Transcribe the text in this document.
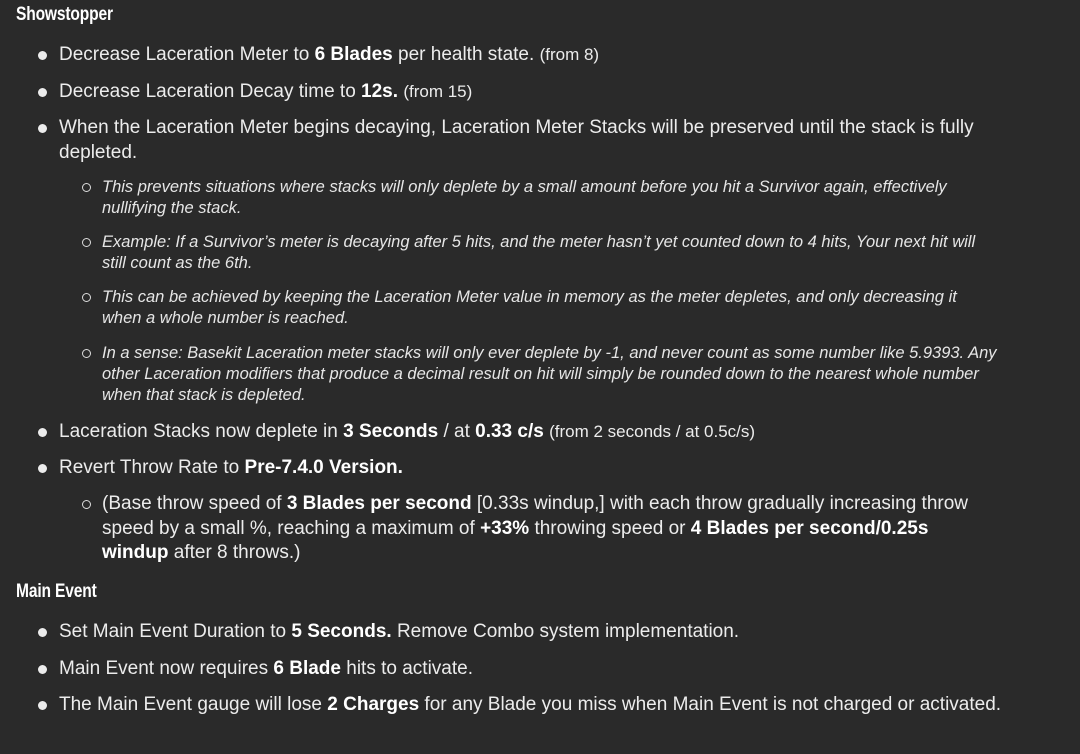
Showstopper
Decrease Laceration Meter to 6 Blades per health state. (from 8)
Decrease Laceration Decay time to 12s. (from 15)
When the Laceration Meter begins decaying, Laceration Meter Stacks will be preserved until the stack is fully depleted.
This prevents situations where stacks will only deplete by a small amount before you hit a Survivor again, effectively nullifying the stack.
Example: If a Survivor’s meter is decaying after 5 hits, and the meter hasn’t yet counted down to 4 hits, Your next hit will still count as the 6th.
This can be achieved by keeping the Laceration Meter value in memory as the meter depletes, and only decreasing it when a whole number is reached.
In a sense: Basekit Laceration meter stacks will only ever deplete by -1, and never count as some number like 5.9393. Any other Laceration modifiers that produce a decimal result on hit will simply be rounded down to the nearest whole number when that stack is depleted.
Laceration Stacks now deplete in 3 Seconds / at 0.33 c/s (from 2 seconds / at 0.5c/s)
Revert Throw Rate to Pre-7.4.0 Version.
(Base throw speed of 3 Blades per second [0.33s windup,] with each throw gradually increasing throw speed by a small %, reaching a maximum of +33% throwing speed or 4 Blades per second/0.25s windup after 8 throws.)
Main Event
Set Main Event Duration to 5 Seconds. Remove Combo system implementation.
Main Event now requires 6 Blade hits to activate.
The Main Event gauge will lose 2 Charges for any Blade you miss when Main Event is not charged or activated.
